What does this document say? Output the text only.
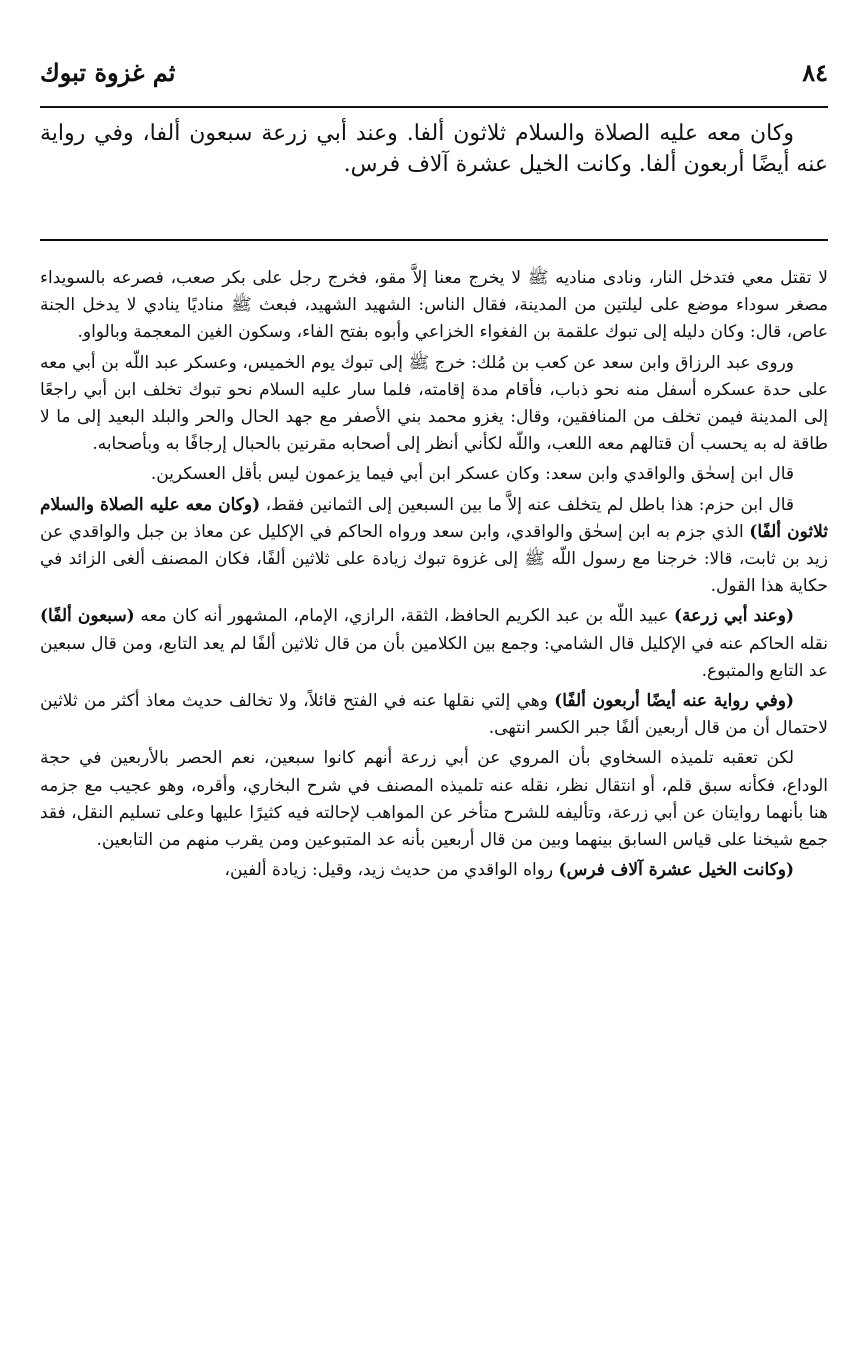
٨٤
ثم غزوة تبوك

وكان معه عليه الصلاة والسلام ثلاثون ألفا. وعند أبي زرعة سبعون ألفا، وفي رواية عنه أيضًا أربعون ألفا. وكانت الخيل عشرة آلاف فرس.

لا تقتل معي فتدخل النار، ونادى مناديه ﷺ لا يخرج معنا إلاَّ مقو، فخرج رجل على بكر صعب، فصرعه بالسويداء مصغر سوداء موضع على ليلتين من المدينة، فقال الناس: الشهيد الشهيد، فبعث ﷺ مناديًا ينادي لا يدخل الجنة عاص، قال: وكان دليله إلى تبوك علقمة بن الفغواء الخزاعي وأبوه بفتح الفاء، وسكون الغين المعجمة وبالواو.

وروى عبد الرزاق وابن سعد عن كعب بن مُلك: خرج ﷺ إلى تبوك يوم الخميس، وعسكر عبد اللّه بن أبي معه على حدة عسكره أسفل منه نحو ذباب، فأقام مدة إقامته، فلما سار عليه السلام نحو تبوك تخلف ابن أبي راجعًا إلى المدينة فيمن تخلف من المنافقين، وقال: يغزو محمد بني الأصفر مع جهد الحال والحر والبلد البعيد إلى ما لا طاقة له به يحسب أن قتالهم معه اللعب، واللّه لكأني أنظر إلى أصحابه مقرنين بالحبال إرجافًا به وبأصحابه.

قال ابن إسحٰق والواقدي وابن سعد: وكان عسكر ابن أبي فيما يزعمون ليس بأقل العسكرين.

قال ابن حزم: هذا باطل لم يتخلف عنه إلاَّ ما بين السبعين إلى الثمانين فقط، (وكان معه عليه الصلاة والسلام ثلاثون ألفًا) الذي جزم به ابن إسحٰق والواقدي، وابن سعد ورواه الحاكم في الإكليل عن معاذ بن جبل والواقدي عن زيد بن ثابت، قالا: خرجنا مع رسول اللّه ﷺ إلى غزوة تبوك زيادة على ثلاثين ألفًا، فكان المصنف ألغى الزائد في حكاية هذا القول.

(وعند أبي زرعة) عبيد اللّه بن عبد الكريم الحافظ، الثقة، الرازي، الإمام، المشهور أنه كان معه (سبعون ألفًا) نقله الحاكم عنه في الإكليل قال الشامي: وجمع بين الكلامين بأن من قال ثلاثين ألفًا لم يعد التابع، ومن قال سبعين عد التابع والمتبوع.

(وفي رواية عنه أيضًا أربعون ألفًا) وهي إلتي نقلها عنه في الفتح قائلاً، ولا تخالف حديث معاذ أكثر من ثلاثين لاحتمال أن من قال أربعين ألفًا جبر الكسر انتهى.

لكن تعقبه تلميذه السخاوي بأن المروي عن أبي زرعة أنهم كانوا سبعين، نعم الحصر بالأربعين في حجة الوداع، فكأنه سبق قلم، أو انتقال نظر، نقله عنه تلميذه المصنف في شرح البخاري، وأقره، وهو عجيب مع جزمه هنا بأنهما روايتان عن أبي زرعة، وتأليفه للشرح متأخر عن المواهب لإحالته فيه كثيرًا عليها وعلى تسليم النقل، فقد جمع شيخنا على قياس السابق بينهما وبين من قال أربعين بأنه عد المتبوعين ومن يقرب منهم من التابعين.

(وكانت الخيل عشرة آلاف فرس) رواه الواقدي من حديث زيد، وقيل: زيادة ألفين،
